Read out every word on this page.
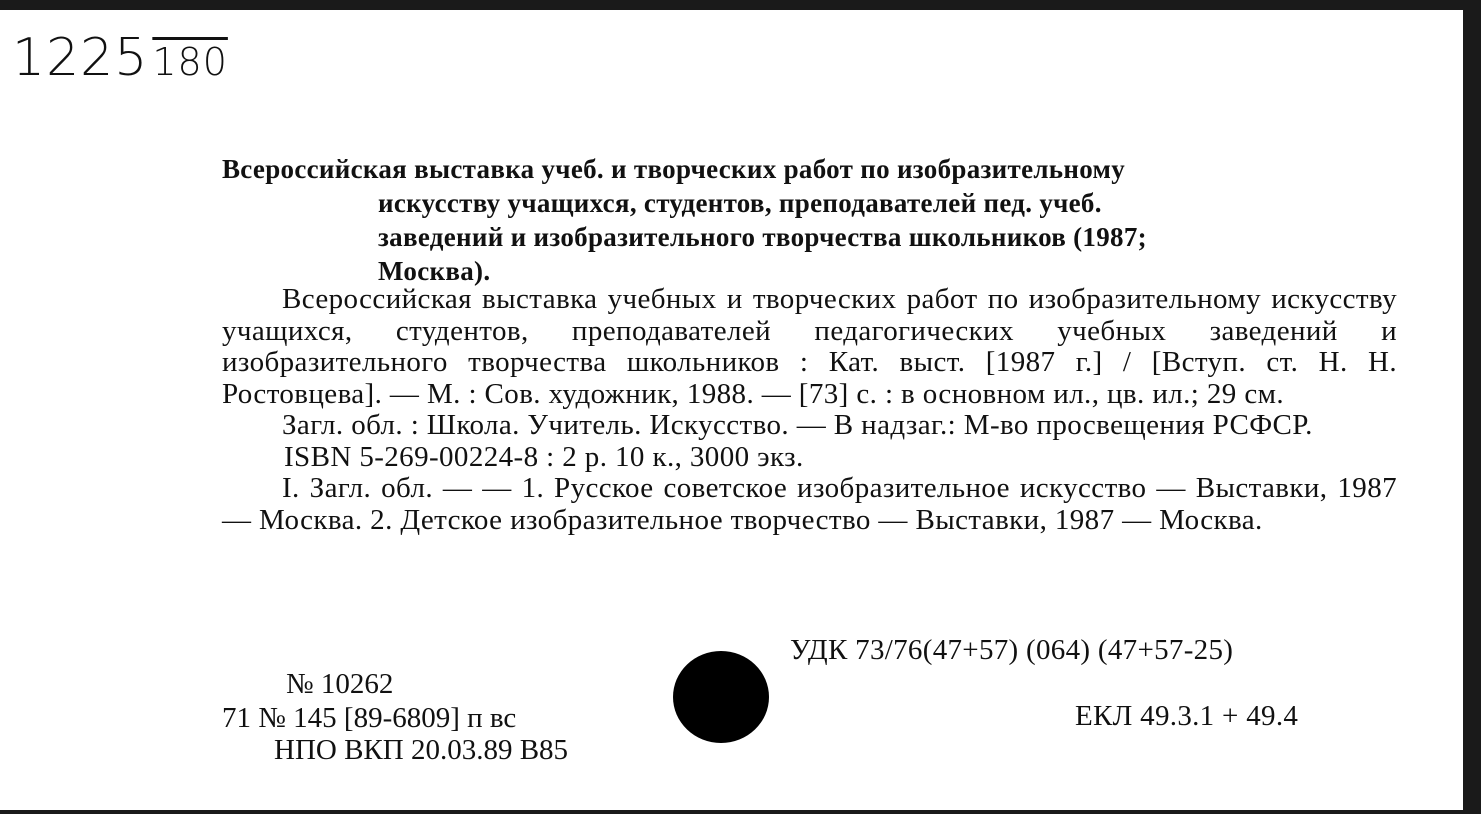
1225 180
Всероссийская выставка учеб. и творческих работ по изобразительному
искусству учащихся, студентов, преподавателей пед. учеб.
заведений и изобразительного творчества школьников (1987;
Москва).

Всероссийская выставка учебных и творческих работ по изобразительному искусству учащихся, студентов, преподавателей педагогических учебных заведений и изобразительного творчества школьников : Кат. выст. [1987 г.] / [Вступ. ст. Н. Н. Ростовцева]. — М. : Сов. художник, 1988. — [73] с. : в основном ил., цв. ил.; 29 см.

Загл. обл. : Школа. Учитель. Искусство. — В надзаг.: М-во просвещения РСФСР.

ISBN 5-269-00224-8 : 2 р. 10 к., 3000 экз.

I. Загл. обл. — — 1. Русское советское изобразительное искусство — Выставки, 1987 — Москва. 2. Детское изобразительное творчество — Выставки, 1987 — Москва.

УДК 73/76(47+57) (064) (47+57-25)
№ 10262
71 № 145 [89-6809] п вс
НПО ВКП 20.03.89 В85
ЕКЛ 49.3.1 + 49.4
